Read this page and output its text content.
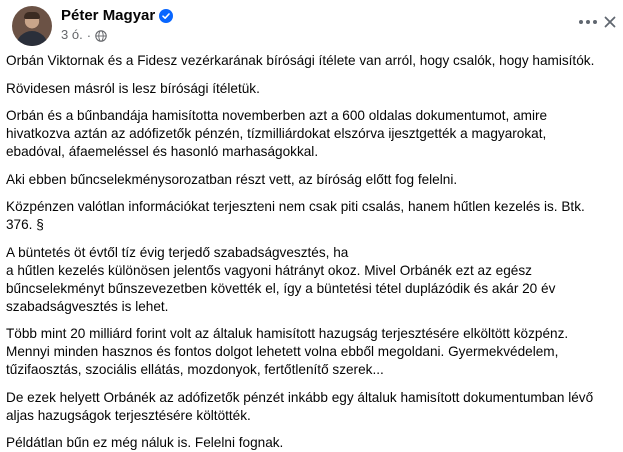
Péter Magyar
3 ó. ·

Orbán Viktornak és a Fidesz vezérkarának bírósági ítélete van arról, hogy csalók, hogy hamisítók.

Rövidesen másról is lesz bírósági ítéletük.

Orbán és a bűnbandája hamisította novemberben azt a 600 oldalas dokumentumot, amire
hivatkozva aztán az adófizetők pénzén, tízmilliárdokat elszórva ijesztgették a magyarokat,
ebadóval, áfaemeléssel és hasonló marhaságokkal.

Aki ebben bűncselekménysorozatban részt vett, az bíróság előtt fog felelni.

Közpénzen valótlan információkat terjeszteni nem csak piti csalás, hanem hűtlen kezelés is. Btk.
376. §

A büntetés öt évtől tíz évig terjedő szabadságvesztés, ha
a hűtlen kezelés különösen jelentős vagyoni hátrányt okoz. Mivel Orbánék ezt az egész
bűncselekményt bűnszevezetben követték el, így a büntetési tétel duplázódik és akár 20 év
szabadságvesztés is lehet.

Több mint 20 milliárd forint volt az általuk hamisított hazugság terjesztésére elköltött közpénz.
Mennyi minden hasznos és fontos dolgot lehetett volna ebből megoldani. Gyermekvédelem,
tűzifaosztás, szociális ellátás, mozdonyok, fertőtlenítő szerek...

De ezek helyett Orbánék az adófizetők pénzét inkább egy általuk hamisított dokumentumban lévő
aljas hazugságok terjesztésére költötték.

Példátlan bűn ez még náluk is. Felelni fognak.
